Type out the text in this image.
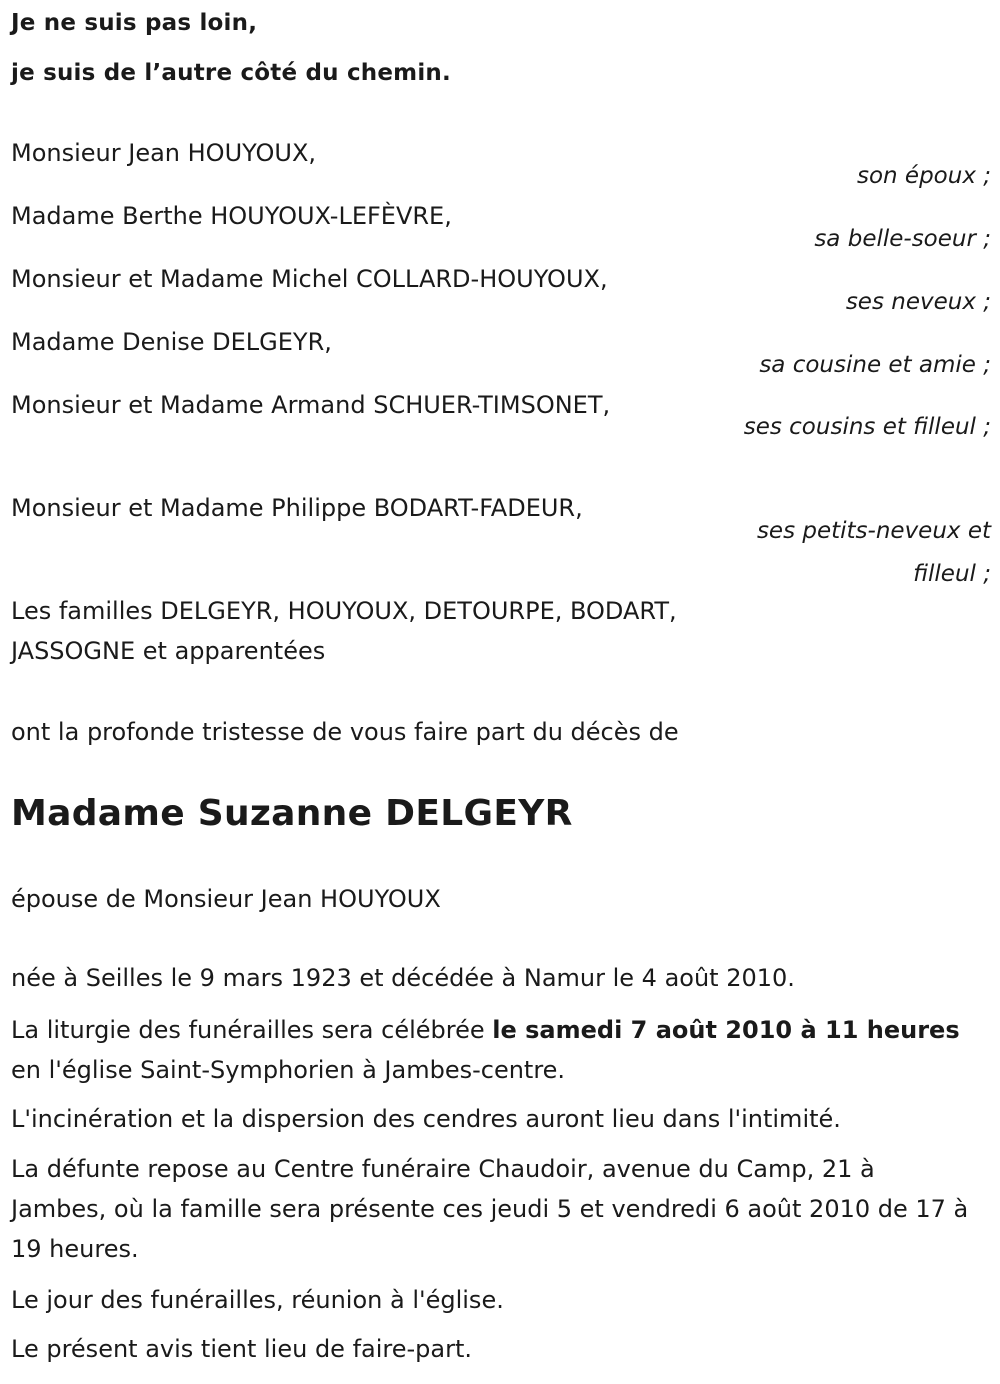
Je ne suis pas loin,
je suis de l’autre côté du chemin.
Monsieur Jean HOUYOUX,
son époux ;
Madame Berthe HOUYOUX-LEFÈVRE,
sa belle-soeur ;
Monsieur et Madame Michel COLLARD-HOUYOUX,
ses neveux ;
Madame Denise DELGEYR,
sa cousine et amie ;
Monsieur et Madame Armand SCHUER-TIMSONET,
ses cousins et filleul ;
Monsieur et Madame Philippe BODART-FADEUR,
ses petits-neveux et filleul ;
Les familles DELGEYR, HOUYOUX, DETOURPE, BODART,
JASSOGNE et apparentées
ont la profonde tristesse de vous faire part du décès de
Madame Suzanne DELGEYR
épouse de Monsieur Jean HOUYOUX
née à Seilles le 9 mars 1923 et décédée à Namur le 4 août 2010.
La liturgie des funérailles sera célébrée le samedi 7 août 2010 à 11 heures en l'église Saint-Symphorien à Jambes-centre.
L'incinération et la dispersion des cendres auront lieu dans l'intimité.
La défunte repose au Centre funéraire Chaudoir, avenue du Camp, 21 à Jambes, où la famille sera présente ces jeudi 5 et vendredi 6 août 2010 de 17 à 19 heures.
Le jour des funérailles, réunion à l'église.
Le présent avis tient lieu de faire-part.
